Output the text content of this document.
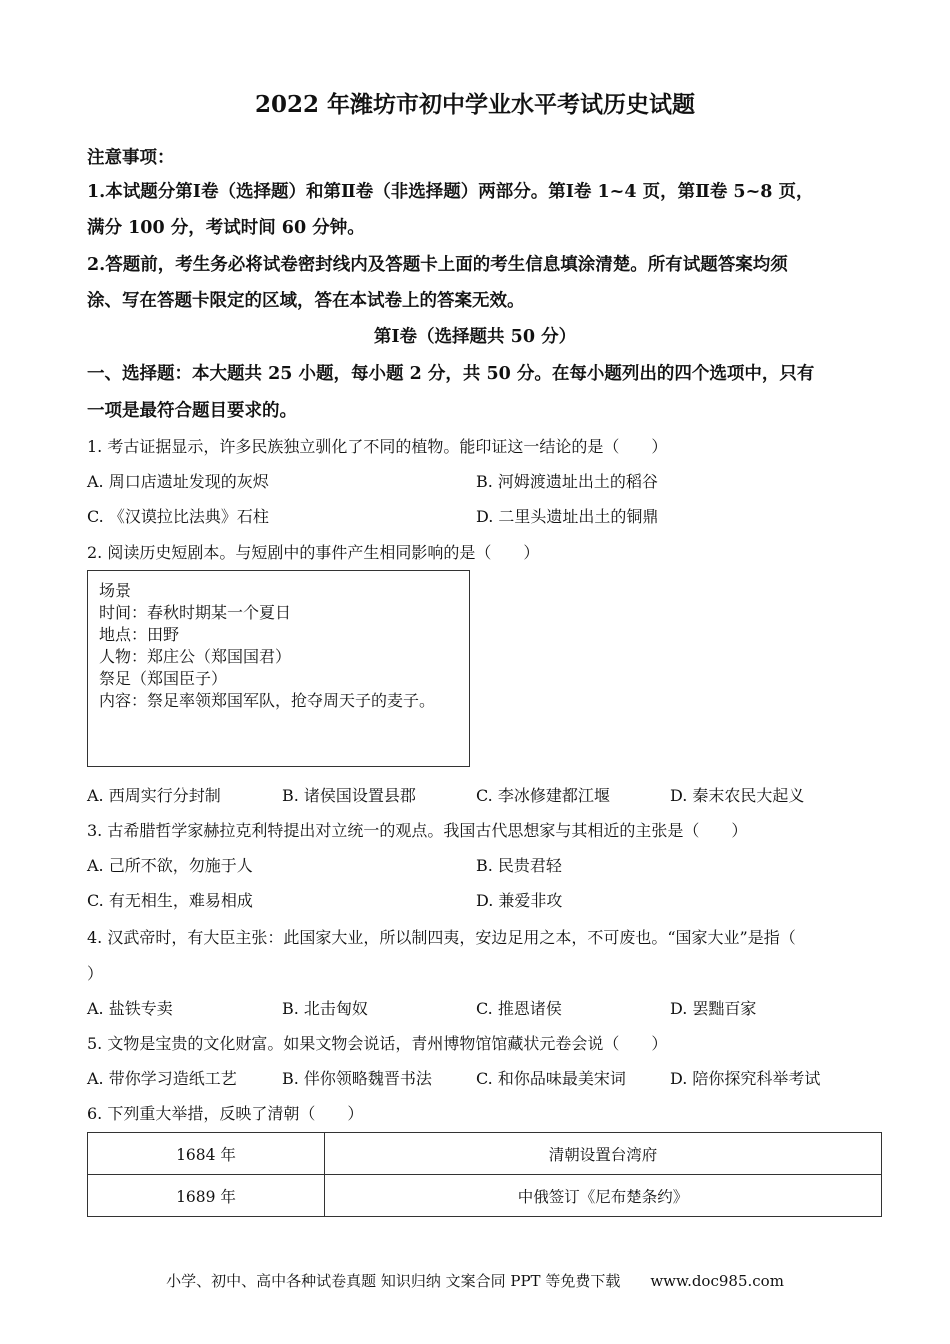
2022 年潍坊市初中学业水平考试历史试题
注意事项：
1.本试题分第Ⅰ卷（选择题）和第Ⅱ卷（非选择题）两部分。第Ⅰ卷 1~4 页，第Ⅱ卷 5~8 页，
满分 100 分，考试时间 60 分钟。
2.答题前，考生务必将试卷密封线内及答题卡上面的考生信息填涂清楚。所有试题答案均须
涂、写在答题卡限定的区域，答在本试卷上的答案无效。
第Ⅰ卷（选择题共 50 分）
一、选择题：本大题共 25 小题，每小题 2 分，共 50 分。在每小题列出的四个选项中，只有
一项是最符合题目要求的。
1. 考古证据显示，许多民族独立驯化了不同的植物。能印证这一结论的是（　　）
A. 周口店遗址发现的灰烬	B. 河姆渡遗址出土的稻谷
C. 《汉谟拉比法典》石柱	D. 二里头遗址出土的铜鼎
2. 阅读历史短剧本。与短剧中的事件产生相同影响的是（　　）
场景
时间：春秋时期某一个夏日
地点：田野
人物：郑庄公（郑国国君）
祭足（郑国臣子）
内容：祭足率领郑国军队，抢夺周天子的麦子。
A. 西周实行分封制	B. 诸侯国设置县郡	C. 李冰修建都江堰	D. 秦末农民大起义
3. 古希腊哲学家赫拉克利特提出对立统一的观点。我国古代思想家与其相近的主张是（　　）
A. 己所不欲，勿施于人	B. 民贵君轻
C. 有无相生，难易相成	D. 兼爱非攻
4. 汉武帝时，有大臣主张：此国家大业，所以制四夷，安边足用之本，不可废也。“国家大业”是指（
）
A. 盐铁专卖	B. 北击匈奴	C. 推恩诸侯	D. 罢黜百家
5. 文物是宝贵的文化财富。如果文物会说话，青州博物馆馆藏状元卷会说（　　）
A. 带你学习造纸工艺	B. 伴你领略魏晋书法	C. 和你品味最美宋词	D. 陪你探究科举考试
6. 下列重大举措，反映了清朝（　　）
1684 年	清朝设置台湾府
1689 年	中俄签订《尼布楚条约》
小学、初中、高中各种试卷真题 知识归纳 文案合同 PPT 等免费下载　　www.doc985.com
